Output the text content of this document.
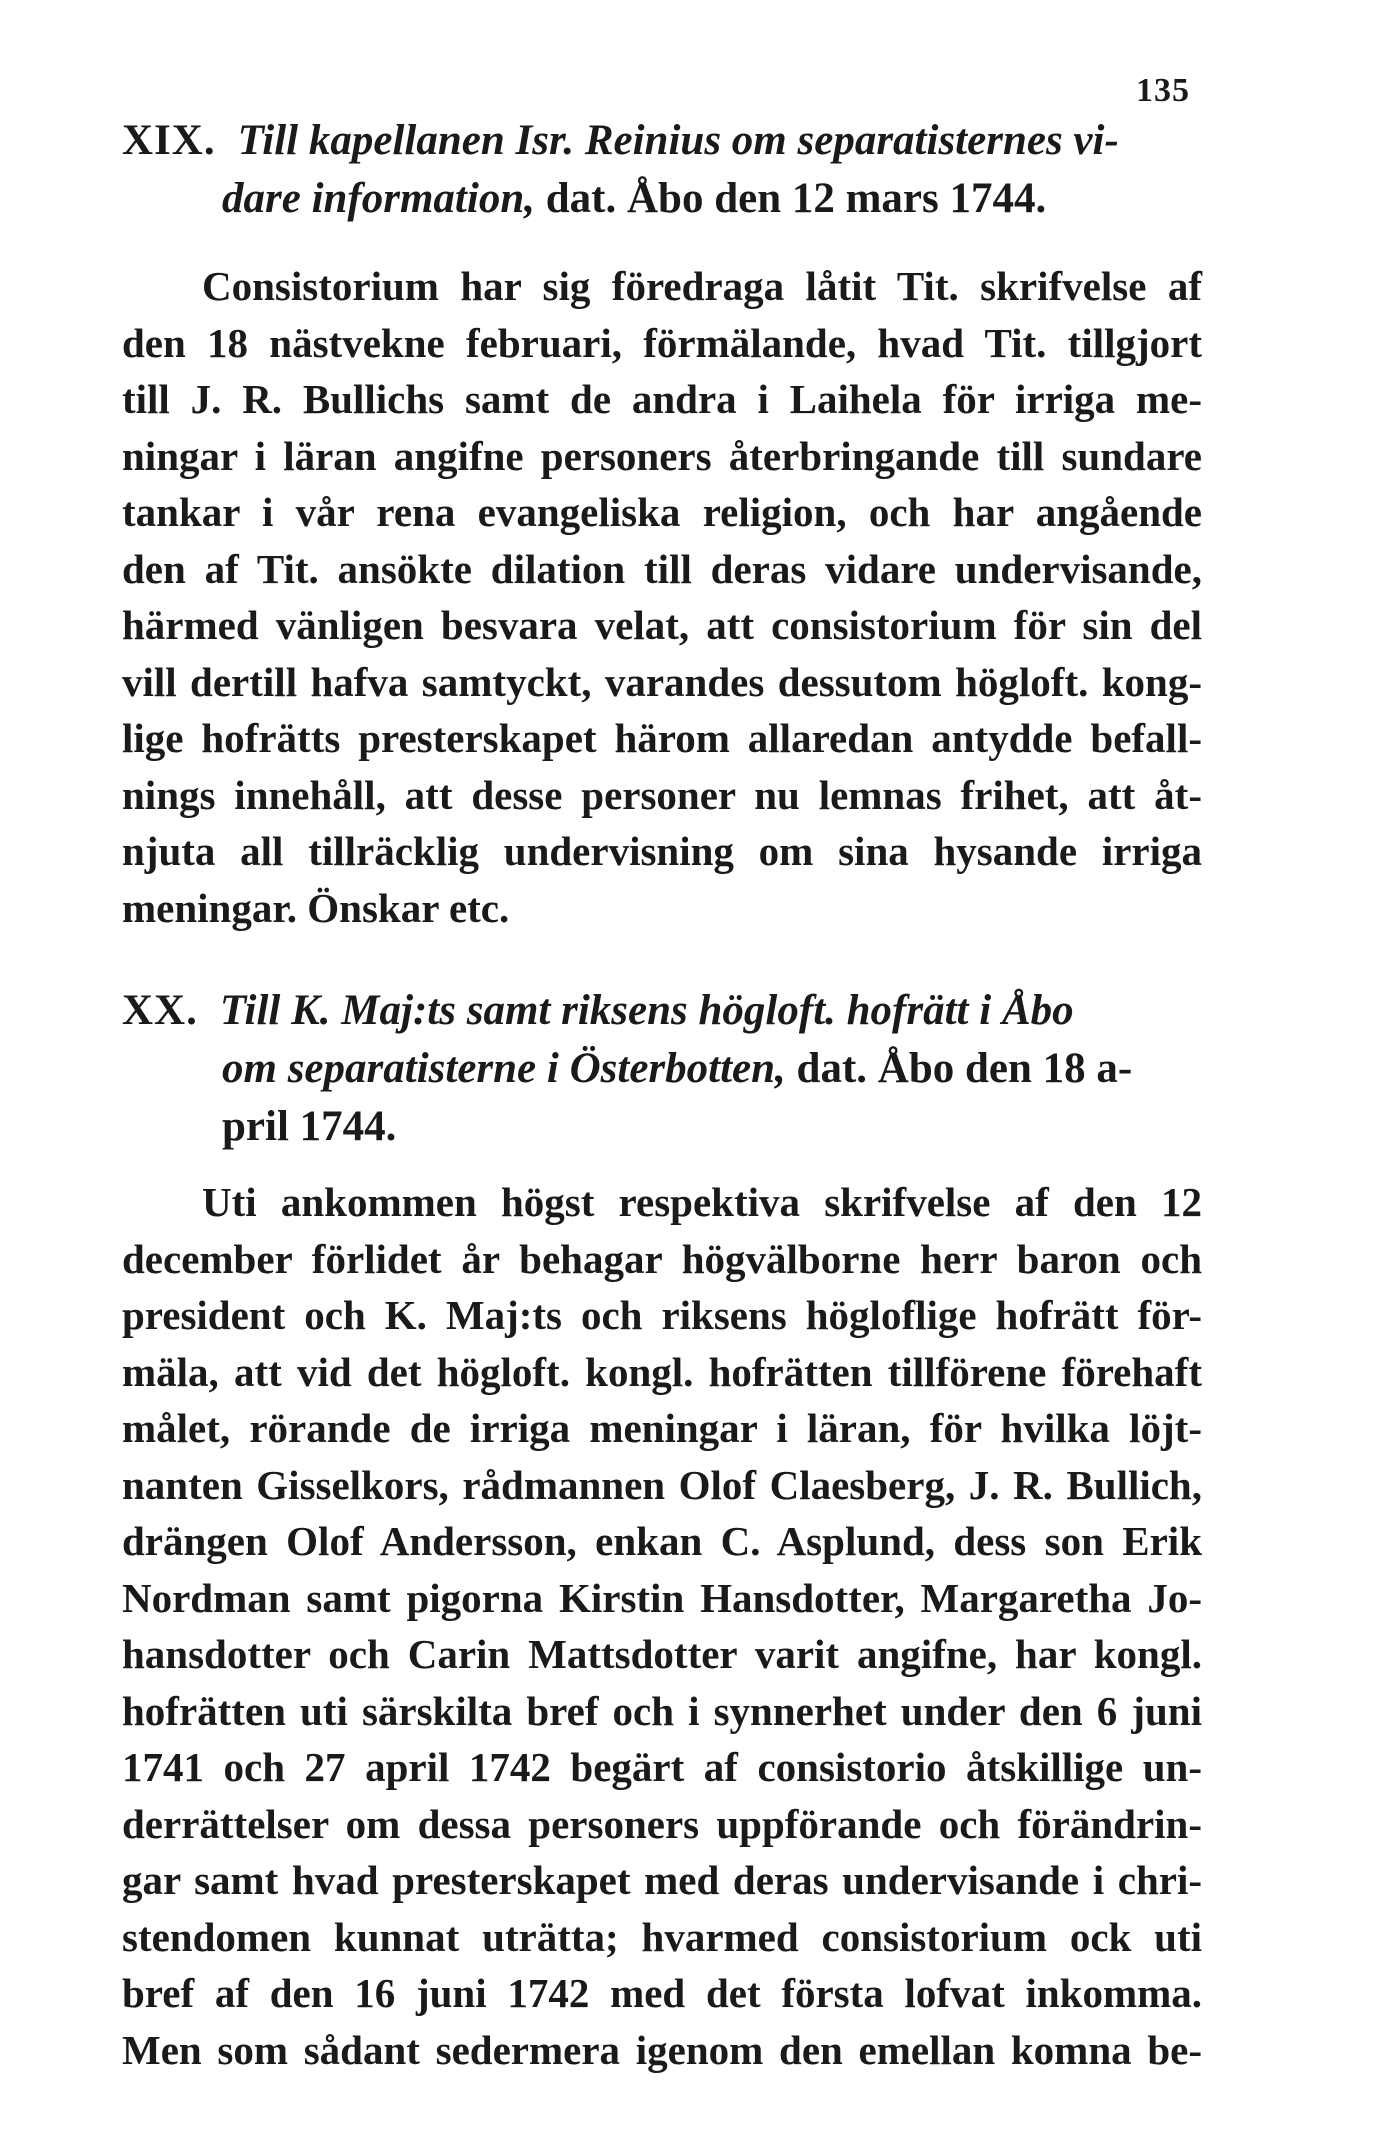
135
XIX. Till kapellanen Isr. Reinius om separatisternes vi-
dare information, dat. Åbo den 12 mars 1744.
Consistorium har sig föredraga låtit Tit. skrifvelse af
den 18 nästvekne februari, förmälande, hvad Tit. tillgjort
till J. R. Bullichs samt de andra i Laihela för irriga me-
ningar i läran angifne personers återbringande till sundare
tankar i vår rena evangeliska religion, och har angående
den af Tit. ansökte dilation till deras vidare undervisande,
härmed vänligen besvara velat, att consistorium för sin del
vill dertill hafva samtyckt, varandes dessutom högloft. kong-
lige hofrätts presterskapet härom allaredan antydde befall-
nings innehåll, att desse personer nu lemnas frihet, att åt-
njuta all tillräcklig undervisning om sina hysande irriga
meningar. Önskar etc.
XX. Till K. Maj:ts samt riksens högloft. hofrätt i Åbo
om separatisterne i Österbotten, dat. Åbo den 18 a-
pril 1744.
Uti ankommen högst respektiva skrifvelse af den 12
december förlidet år behagar högvälborne herr baron och
president och K. Maj:ts och riksens högloflige hofrätt för-
mäla, att vid det högloft. kongl. hofrätten tillförene förehaft
målet, rörande de irriga meningar i läran, för hvilka löjt-
nanten Gisselkors, rådmannen Olof Claesberg, J. R. Bullich,
drängen Olof Andersson, enkan C. Asplund, dess son Erik
Nordman samt pigorna Kirstin Hansdotter, Margaretha Jo-
hansdotter och Carin Mattsdotter varit angifne, har kongl.
hofrätten uti särskilta bref och i synnerhet under den 6 juni
1741 och 27 april 1742 begärt af consistorio åtskillige un-
derrättelser om dessa personers uppförande och förändrin-
gar samt hvad presterskapet med deras undervisande i chri-
stendomen kunnat uträtta; hvarmed consistorium ock uti
bref af den 16 juni 1742 med det första lofvat inkomma.
Men som sådant sedermera igenom den emellan komna be-
